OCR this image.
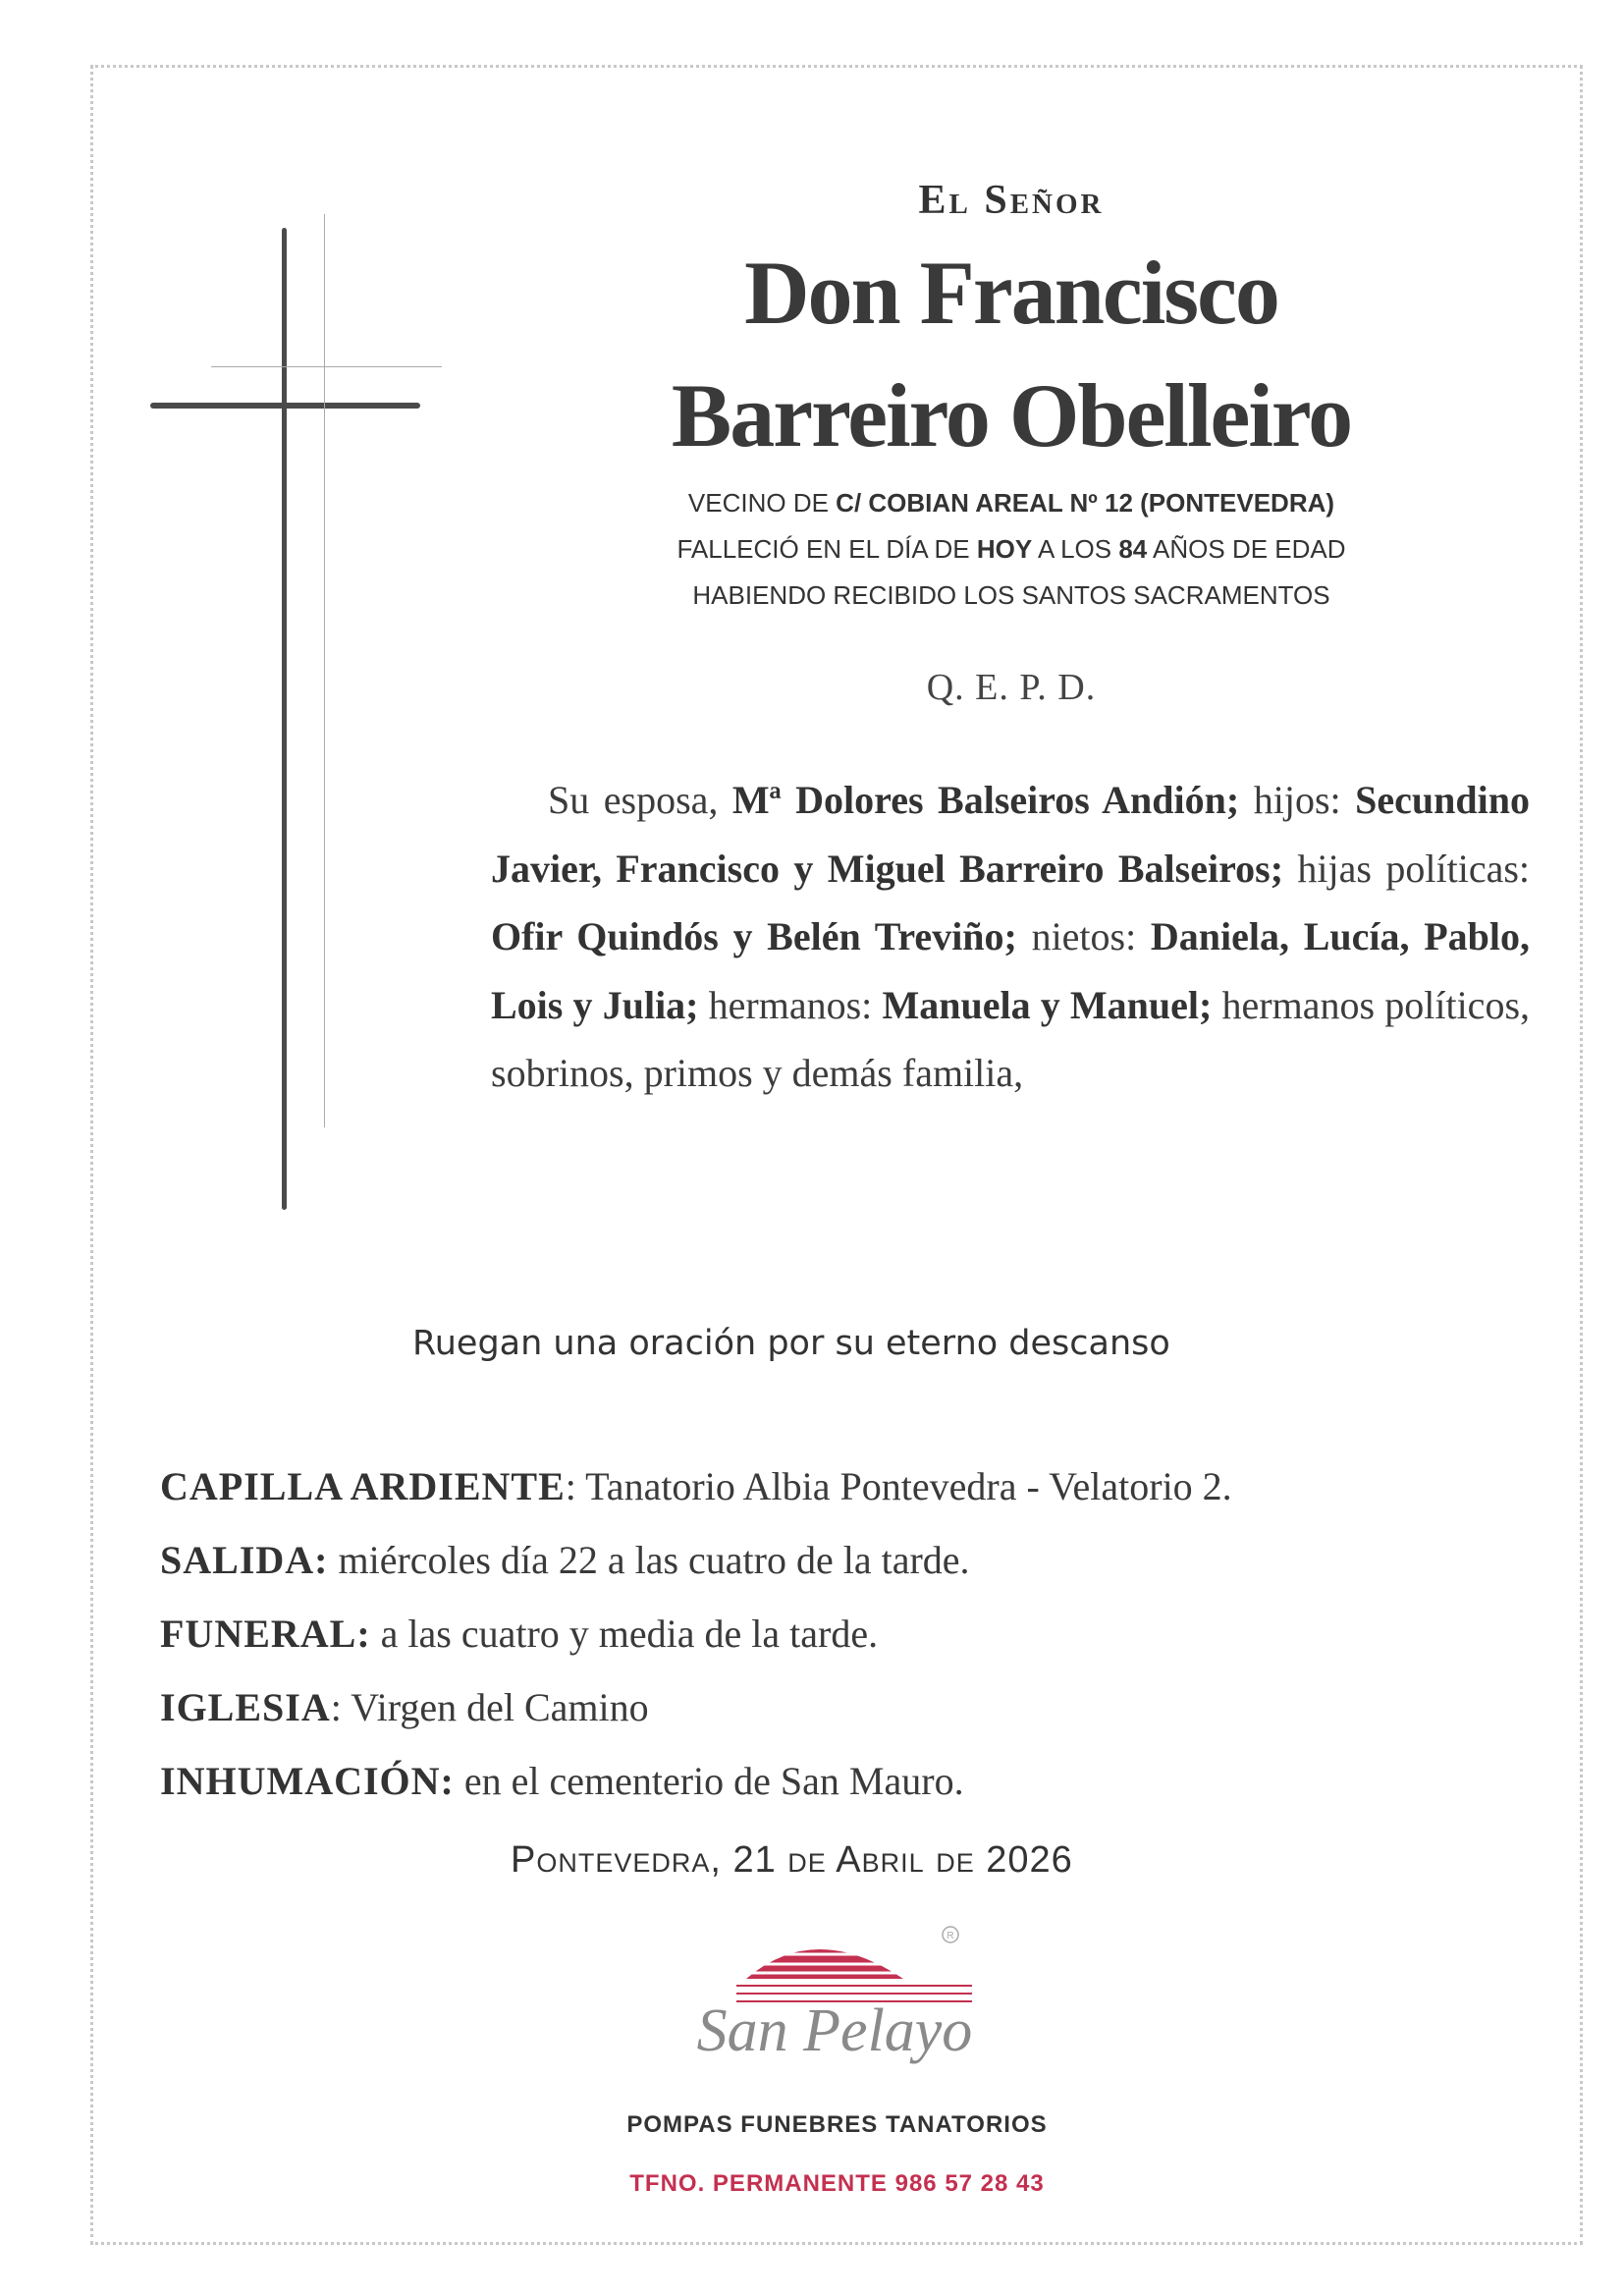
El Señor
Don Francisco
Barreiro Obelleiro
VECINO DE C/ COBIAN AREAL Nº 12 (PONTEVEDRA)
FALLECIÓ EN EL DÍA DE HOY A LOS 84 AÑOS DE EDAD
HABIENDO RECIBIDO LOS SANTOS SACRAMENTOS
Q. E. P. D.
Su esposa, Mª Dolores Balseiros Andión; hijos: Secundino Javier, Francisco y Miguel Barreiro Balseiros; hijas políticas: Ofir Quindós y Belén Treviño; nietos: Daniela, Lucía, Pablo, Lois y Julia; hermanos: Manuela y Manuel; hermanos políticos, sobrinos, primos y demás familia,
Ruegan una oración por su eterno descanso
CAPILLA ARDIENTE: Tanatorio Albia Pontevedra - Velatorio 2.
SALIDA: miércoles día 22 a las cuatro de la tarde.
FUNERAL: a las cuatro y media de la tarde.
IGLESIA: Virgen del Camino
INHUMACIÓN: en el cementerio de San Mauro.
Pontevedra, 21 de Abril de 2026
R
San Pelayo
POMPAS FUNEBRES TANATORIOS
TFNO. PERMANENTE 986 57 28 43
